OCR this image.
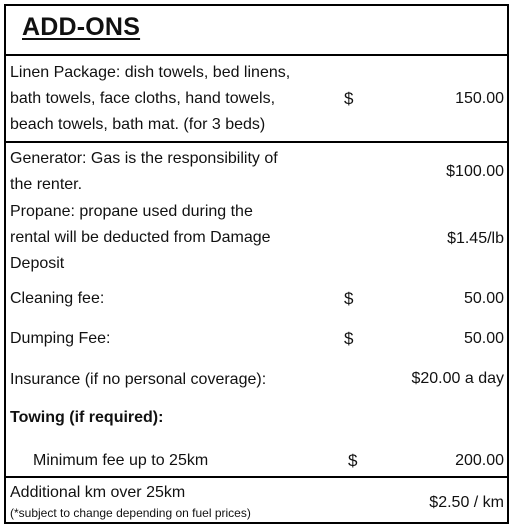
ADD-ONS
Linen Package: dish towels, bed linens,
bath towels, face cloths, hand towels,
beach towels, bath mat. (for 3 beds)
$	150.00
Generator: Gas is the responsibility of
the renter.
$100.00
Propane: propane used during the
rental will be deducted from Damage
Deposit
$1.45/lb
Cleaning fee:	$	50.00
Dumping Fee:	$	50.00
Insurance (if no personal coverage):	$20.00 a day
Towing (if required):
Minimum fee up to 25km	$	200.00
Additional km over 25km
(*subject to change depending on fuel prices)
$2.50 / km
